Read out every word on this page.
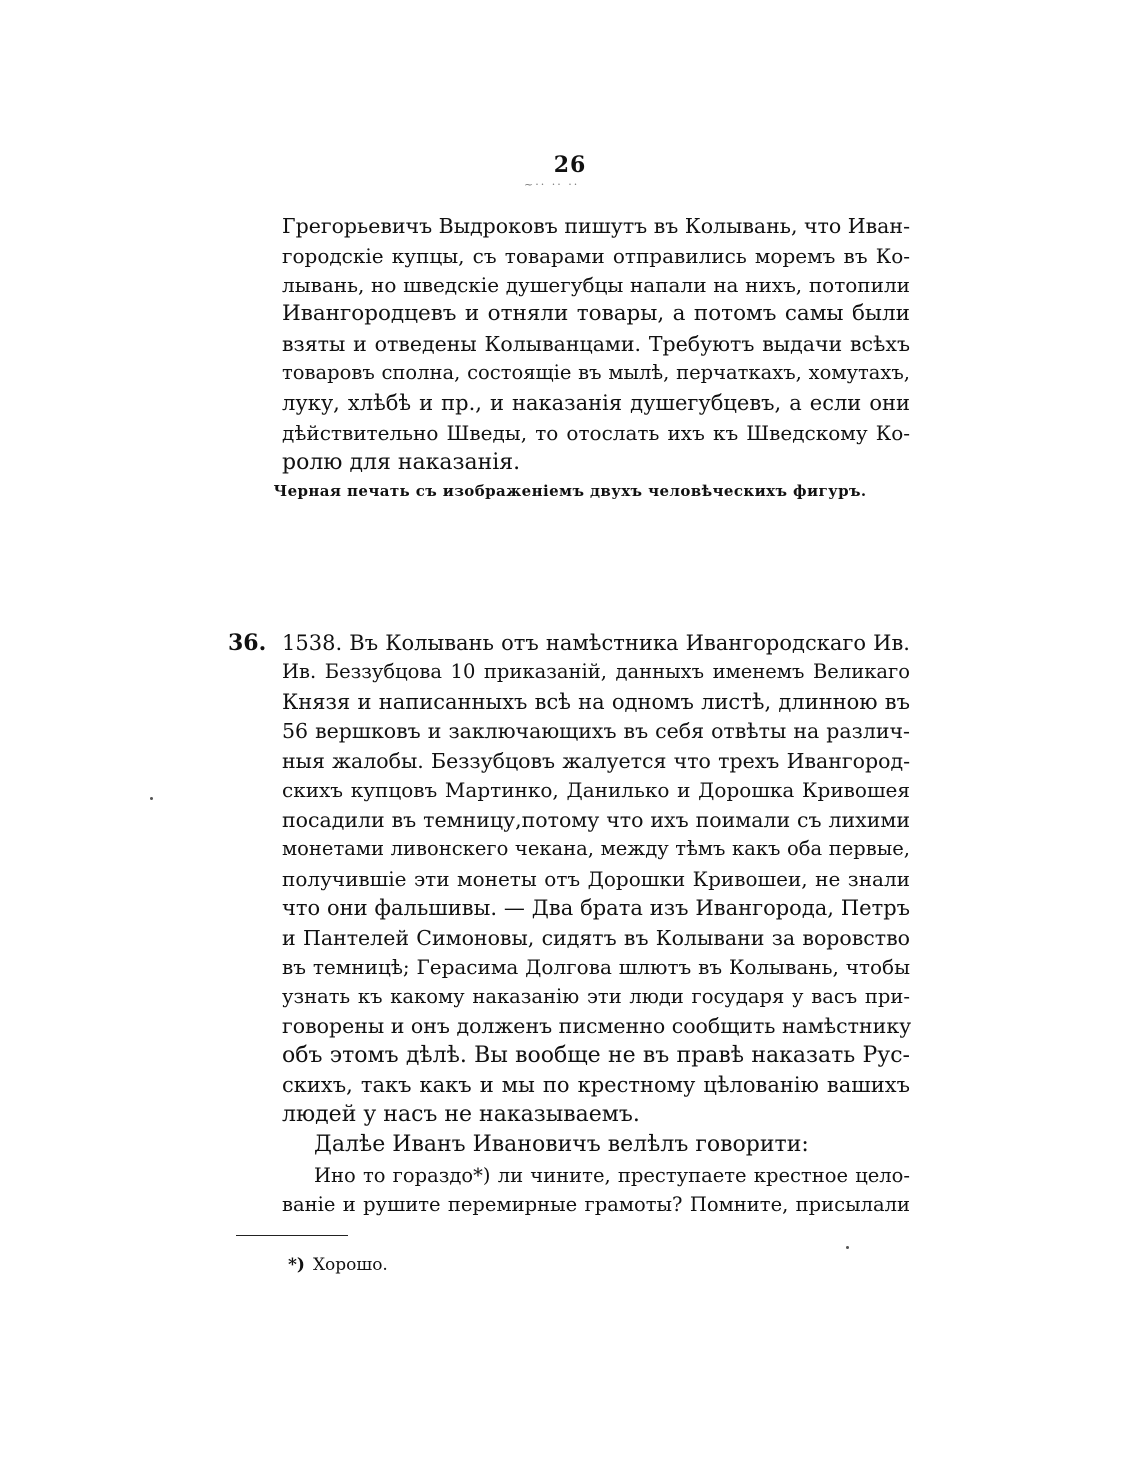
26
~·· ·· ··
Грегорьевичъ Выдроковъ пишутъ въ Колывань, что Иван-
городскіе купцы, съ товарами отправились моремъ въ Ко-
лывань, но шведскіе душегубцы напали на нихъ, потопили
Ивангородцевъ и отняли товары, а потомъ самы были
взяты и отведены Колыванцами. Требуютъ выдачи всѣхъ
товаровъ сполна, состоящіе въ мылѣ, перчаткахъ, хомутахъ,
луку, хлѣбѣ и пр., и наказанія душегубцевъ, а если они
дѣйствительно Шведы, то отослать ихъ къ Шведскому Ко-
ролю для наказанія.
Черная печать съ изображеніемъ двухъ человѣческихъ фигуръ.
36. 1538. Въ Колывань отъ намѣстника Ивангородскаго Ив.
Ив. Беззубцова 10 приказаній, данныхъ именемъ Великаго
Князя и написанныхъ всѣ на одномъ листѣ, длинною въ
56 вершковъ и заключающихъ въ себя отвѣты на различ-
ныя жалобы. Беззубцовъ жалуется что трехъ Ивангород-
скихъ купцовъ Мартинко, Данилько и Дорошка Кривошея
посадили въ темницу,потому что ихъ поимали съ лихими
монетами ливонскего чекана, между тѣмъ какъ оба первые,
получившіе эти монеты отъ Дорошки Кривошеи, не знали
что они фальшивы. — Два брата изъ Ивангорода, Петръ
и Пантелей Симоновы, сидятъ въ Колывани за воровство
въ темницѣ; Герасима Долгова шлютъ въ Колывань, чтобы
узнать къ какому наказанію эти люди государя у васъ при-
говорены и онъ долженъ писменно сообщить намѣстнику
объ этомъ дѣлѣ. Вы вообще не въ правѣ наказать Рус-
скихъ, такъ какъ и мы по крестному цѣлованію вашихъ
людей у насъ не наказываемъ.
Далѣе Иванъ Ивановичъ велѣлъ говорити:
Ино то гораздо*) ли чините, преступаете крестное цело-
ваніе и рушите перемирные грамоты? Помните, присылали
*) Хорошо.
